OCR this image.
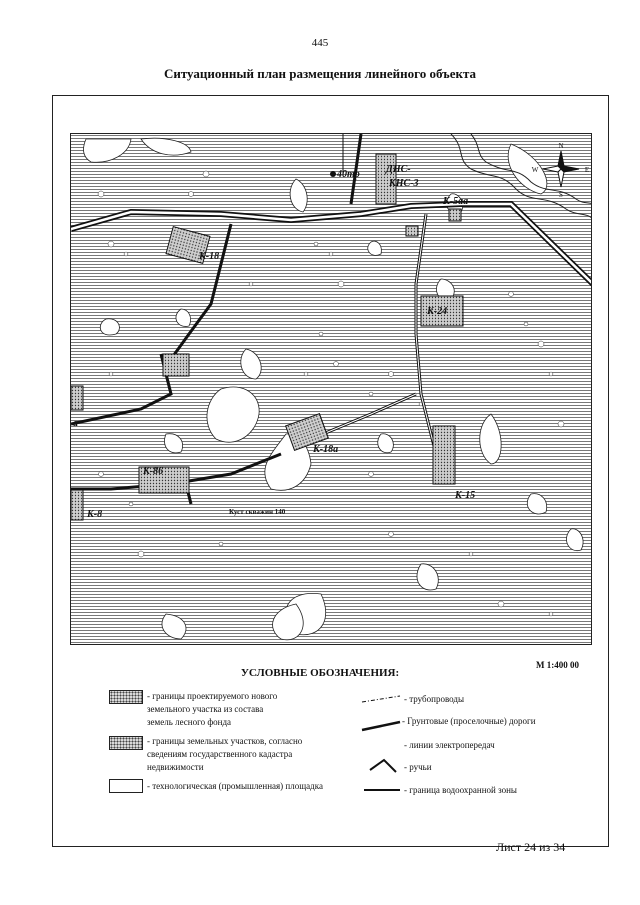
445
Ситуационный план размещения линейного объекта
N
S
W	E
40тр	ДНС-
КНС-3
К-5аа
К-18
К-24
К-18а
К-86
К-15
К-8
а
Куст скважин 140
М 1:400 00
УСЛОВНЫЕ ОБОЗНАЧЕНИЯ:
- границы проектируемого нового
земельного участка из состава
земель лесного фонда
- границы земельных участков, согласно
сведениям государственного кадастра
недвижимости
- технологическая (промышленная) площадка
- трубопроводы
- Грунтовые (проселочные) дороги
- линии электропередач
- ручьи
- граница водоохранной зоны
Лист 24 из 34
